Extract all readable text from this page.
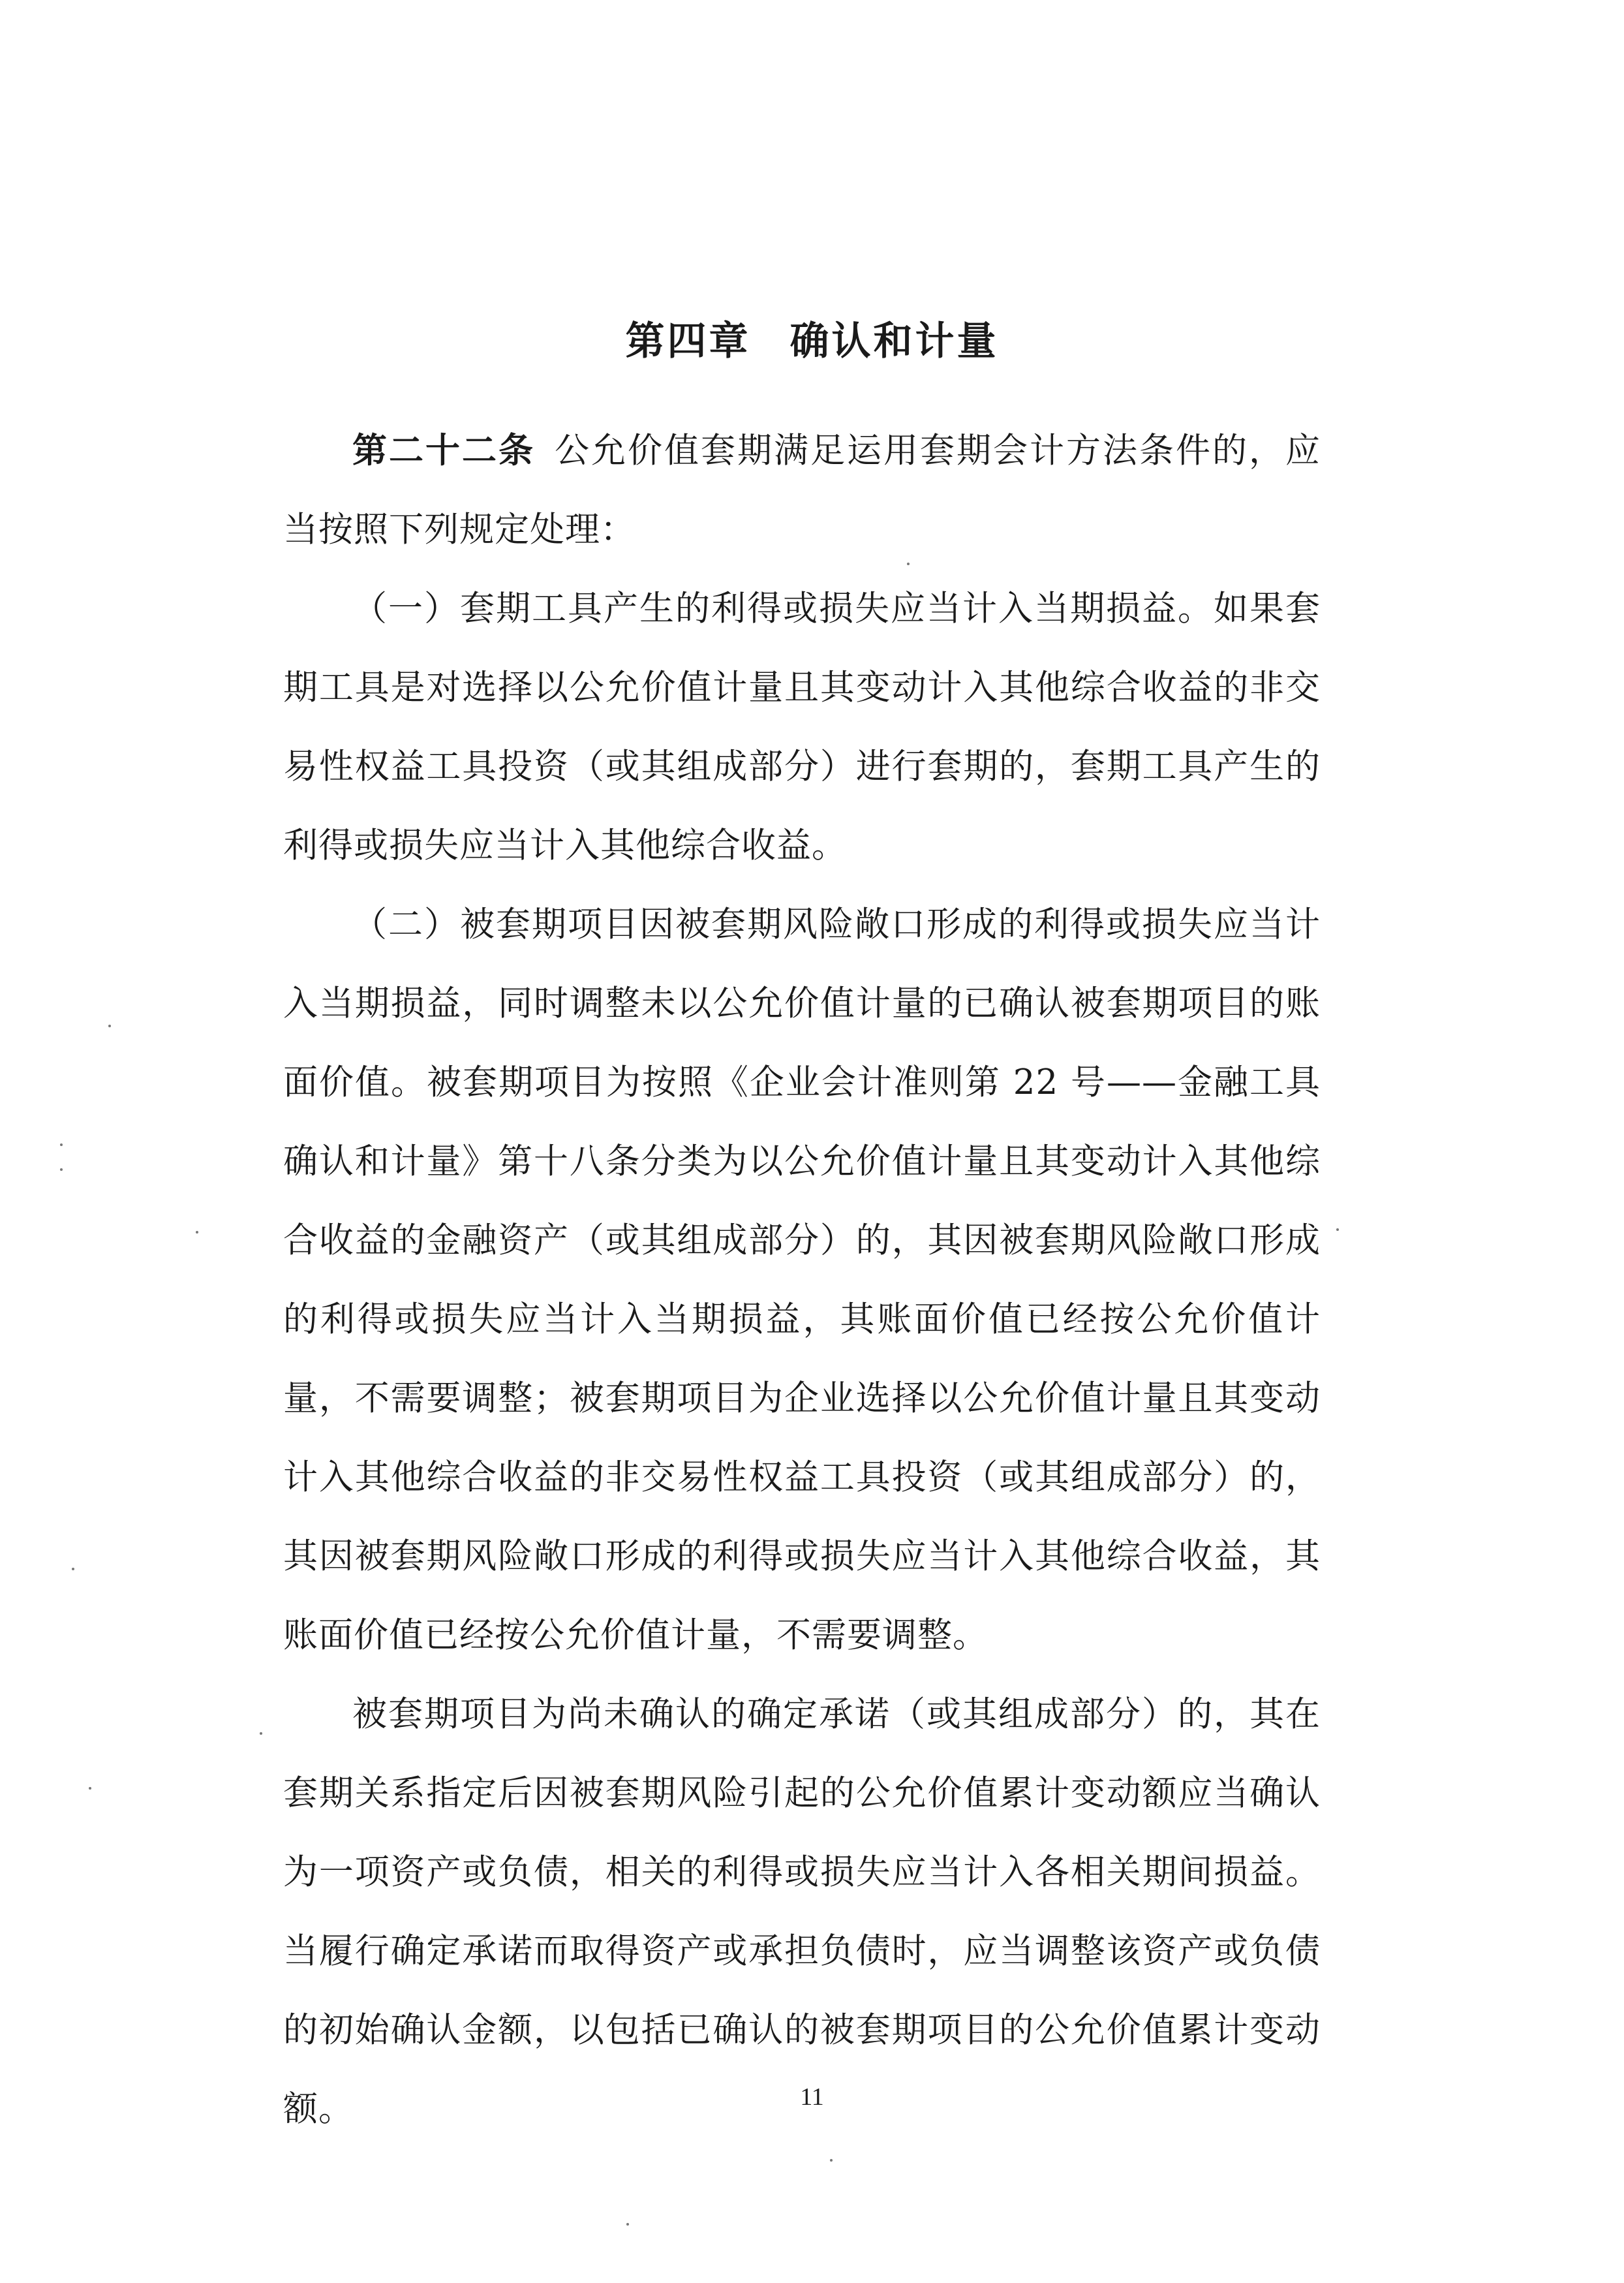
第四章 确认和计量

第二十二条 公允价值套期满足运用套期会计方法条件的，应当按照下列规定处理：

（一）套期工具产生的利得或损失应当计入当期损益。如果套期工具是对选择以公允价值计量且其变动计入其他综合收益的非交易性权益工具投资（或其组成部分）进行套期的，套期工具产生的利得或损失应当计入其他综合收益。

（二）被套期项目因被套期风险敞口形成的利得或损失应当计入当期损益，同时调整未以公允价值计量的已确认被套期项目的账面价值。被套期项目为按照《企业会计准则第 22 号——金融工具确认和计量》第十八条分类为以公允价值计量且其变动计入其他综合收益的金融资产（或其组成部分）的，其因被套期风险敞口形成的利得或损失应当计入当期损益，其账面价值已经按公允价值计量，不需要调整；被套期项目为企业选择以公允价值计量且其变动计入其他综合收益的非交易性权益工具投资（或其组成部分）的，其因被套期风险敞口形成的利得或损失应当计入其他综合收益，其账面价值已经按公允价值计量，不需要调整。

被套期项目为尚未确认的确定承诺（或其组成部分）的，其在套期关系指定后因被套期风险引起的公允价值累计变动额应当确认为一项资产或负债，相关的利得或损失应当计入各相关期间损益。当履行确定承诺而取得资产或承担负债时，应当调整该资产或负债的初始确认金额，以包括已确认的被套期项目的公允价值累计变动额。	11
